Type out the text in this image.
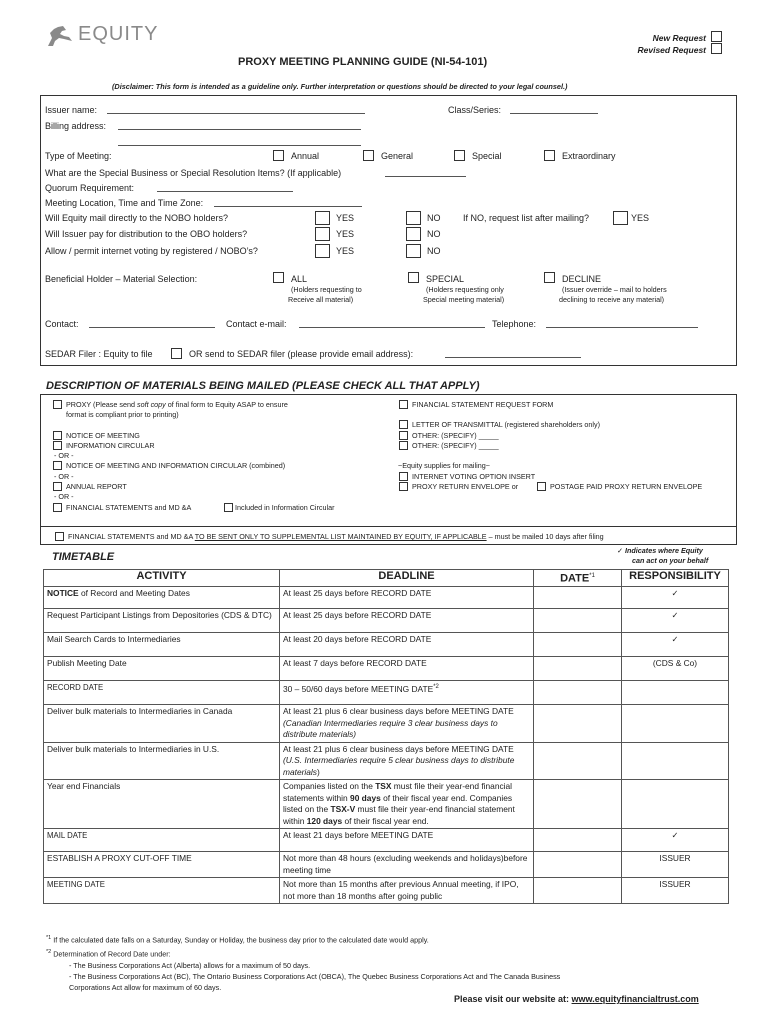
EQUITY	New Request
Revised Request
PROXY MEETING PLANNING GUIDE (NI-54-101)
(Disclaimer: This form is intended as a guideline only. Further interpretation or questions should be directed to your legal counsel.)
Issuer name:	Class/Series:
Billing address:
Type of Meeting:	Annual	General	Special	Extraordinary
What are the Special Business or Special Resolution Items? (If applicable)
Quorum Requirement:
Meeting Location, Time and Time Zone:
Will Equity mail directly to the NOBO holders?	YES	NO	If NO, request list after mailing?	YES
Will Issuer pay for distribution to the OBO holders?	YES	NO
Allow / permit internet voting by registered / NOBO’s?	YES	NO
Beneficial Holder – Material Selection:	ALL
(Holders requesting to
Receive all material)
SPECIAL
(Holders requesting only
Special meeting material)
DECLINE
(Issuer override – mail to holders
declining to receive any material)
Contact:	Contact e-mail:	Telephone:
SEDAR Filer : Equity to file	OR send to SEDAR filer (please provide email address):
DESCRIPTION OF MATERIALS BEING MAILED (PLEASE CHECK ALL THAT APPLY)
PROXY (Please send soft copy of final form to Equity ASAP to ensure
format is compliant prior to printing)
NOTICE OF MEETING
INFORMATION CIRCULAR
- OR -
NOTICE OF MEETING AND INFORMATION CIRCULAR (combined)
- OR -
ANNUAL REPORT
- OR -
FINANCIAL STATEMENTS and MD &A	Included in Information Circular
FINANCIAL STATEMENT REQUEST FORM
LETTER OF TRANSMITTAL (registered shareholders only)
OTHER: (SPECIFY) _____
OTHER: (SPECIFY) _____
~Equity supplies for mailing~
INTERNET VOTING OPTION INSERT
PROXY RETURN ENVELOPE or	POSTAGE PAID PROXY RETURN ENVELOPE
FINANCIAL STATEMENTS and MD &A TO BE SENT ONLY TO SUPPLEMENTAL LIST MAINTAINED BY EQUITY, IF APPLICABLE – must be mailed 10 days after filing
TIMETABLE
✓ Indicates where Equity
can act on your behalf
ACTIVITY	DEADLINE	DATE$^{*1}$	RESPONSIBILITY
NOTICE of Record and Meeting Dates	At least 25 days before RECORD DATE		✓
Request Participant Listings from Depositories (CDS & DTC)	At least 25 days before RECORD DATE		✓
Mail Search Cards to Intermediaries	At least 20 days before RECORD DATE		✓
Publish Meeting Date	At least 7 days before RECORD DATE		(CDS & Co)
RECORD DATE	30 – 50/60 days before MEETING DATE$^{*2}$		
Deliver bulk materials to Intermediaries in Canada	At least 21 plus 6 clear business days before MEETING DATE (Canadian Intermediaries require 3 clear business days to distribute materials)		
Deliver bulk materials to Intermediaries in U.S.	At least 21 plus 6 clear business days before MEETING DATE (U.S. Intermediaries require 5 clear business days to distribute materials)		
Year end Financials	Companies listed on the TSX must file their year-end financial statements within 90 days of their fiscal year end. Companies listed on the TSX-V must file their year-end financial statement within 120 days of their fiscal year end.		
MAIL DATE	At least 21 days before MEETING DATE		✓
ESTABLISH A PROXY CUT-OFF TIME	Not more than 48 hours (excluding weekends and holidays)before meeting time		ISSUER
MEETING DATE	Not more than 15 months after previous Annual meeting, if IPO, not more than 18 months after going public		ISSUER
$^{*1}$ If the calculated date falls on a Saturday, Sunday or Holiday, the business day prior to the calculated date would apply.
$^{*2}$ Determination of Record Date under:
- The Business Corporations Act (Alberta) allows for a maximum of 50 days.
- The Business Corporations Act (BC), The Ontario Business Corporations Act (OBCA), The Quebec Business Corporations Act and The Canada Business
Corporations Act allow for maximum of 60 days.
Please visit our website at: www.equityfinancialtrust.com
